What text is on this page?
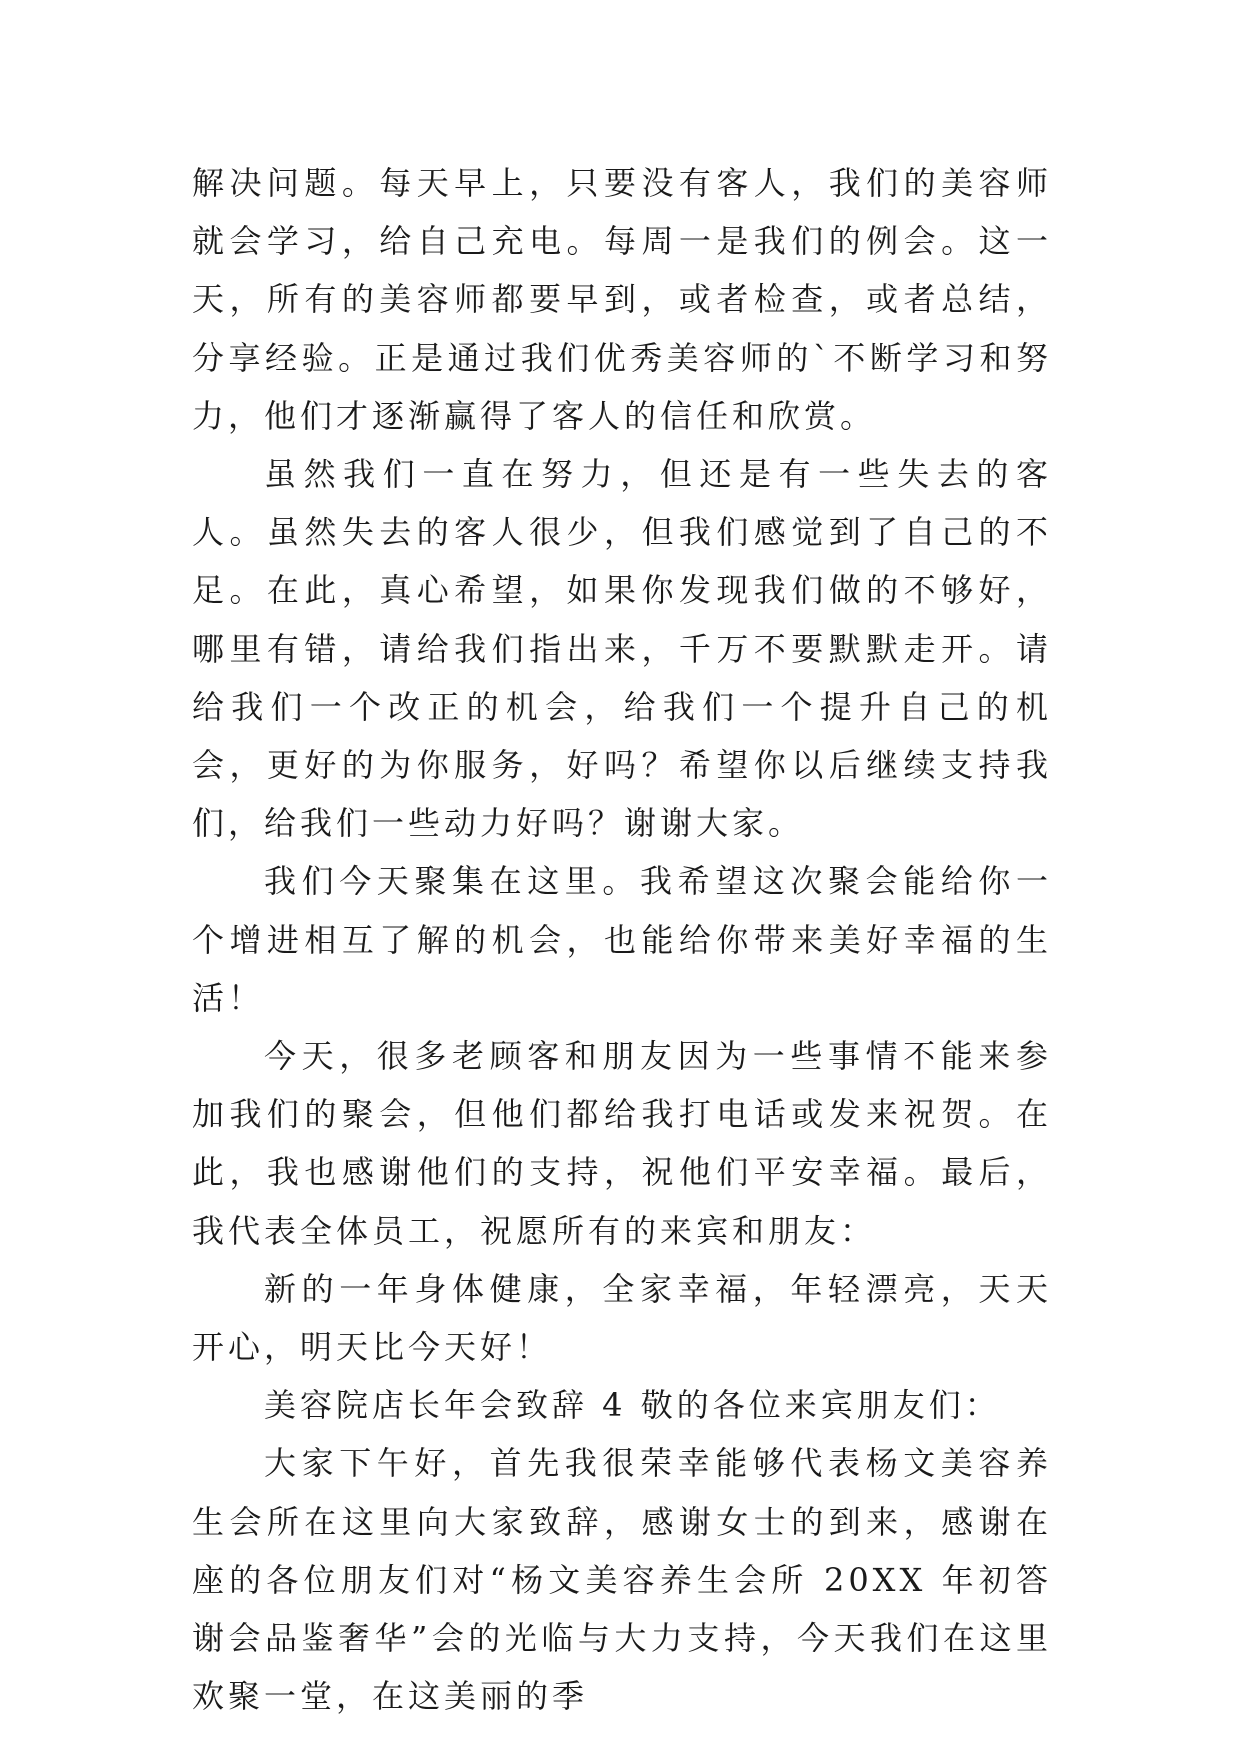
解决问题。每天早上，只要没有客人，我们的美容师就会学习，给自己充电。每周一是我们的例会。这一天，所有的美容师都要早到，或者检查，或者总结，分享经验。正是通过我们优秀美容师的`不断学习和努力，他们才逐渐赢得了客人的信任和欣赏。

虽然我们一直在努力，但还是有一些失去的客人。虽然失去的客人很少，但我们感觉到了自己的不足。在此，真心希望，如果你发现我们做的不够好，哪里有错，请给我们指出来，千万不要默默走开。请给我们一个改正的机会，给我们一个提升自己的机会，更好的为你服务，好吗？希望你以后继续支持我们，给我们一些动力好吗？谢谢大家。

我们今天聚集在这里。我希望这次聚会能给你一个增进相互了解的机会，也能给你带来美好幸福的生活！

今天，很多老顾客和朋友因为一些事情不能来参加我们的聚会，但他们都给我打电话或发来祝贺。在此，我也感谢他们的支持，祝他们平安幸福。最后，我代表全体员工，祝愿所有的来宾和朋友：

新的一年身体健康，全家幸福，年轻漂亮，天天开心，明天比今天好！

美容院店长年会致辞 4 敬的各位来宾朋友们：

大家下午好，首先我很荣幸能够代表杨文美容养生会所在这里向大家致辞，感谢女士的到来，感谢在座的各位朋友们对“杨文美容养生会所 20XX 年初答谢会品鉴奢华”会的光临与大力支持，今天我们在这里欢聚一堂，在这美丽的季
